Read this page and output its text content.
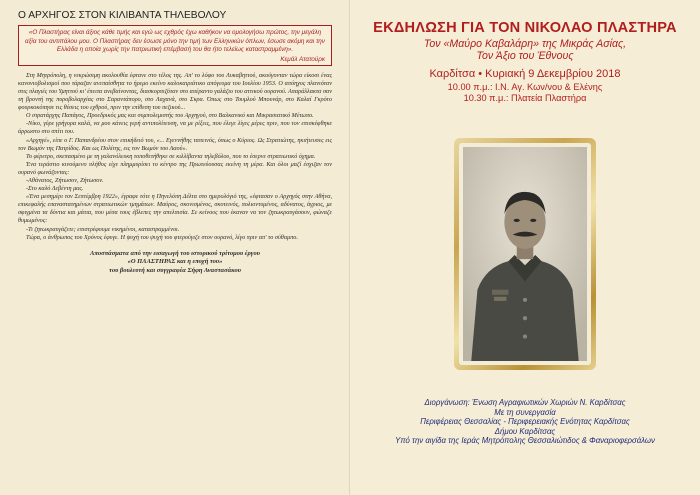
Ο ΑΡΧΗΓΟΣ ΣΤΟΝ ΚΙΛΙΒΑΝΤΑ ΤΗΛΕΒΟΛΟΥ
«Ο Πλαστήρας είναι άξιος κάθε τιμής και εγώ ως εχθρός έχω καθήκον να ομολογήσω πρώτος, την μεγάλη αξία του αντιπάλου μου. Ο Πλαστήρας δεν έσωσε μόνο την τιμή των Ελληνικών όπλων, έσωσε ακόμη και την Ελλάδα η οποία χωρίς την πατριωτική επέμβασή του θα ήτο τελείως καταστραμμένη».
Κεμάλ Ατατούρκ

Στη Μητρόπολη, η νεκρώσιμη ακολουθία έφτανε στο τέλος της. Απ' το λόφο του Λυκαβηττού, ακούγονταν τώρα είκοσι ένας κανονιοβολισμοί που τάραζαν ανεπαίσθητα το ήρεμο εκείνο καλοκαιριάτικο απόγευμα του Ιουλίου 1953. Ο απόηχος πλανιόταν στις πλαγιές του Υμηττού κι' έπειτα ανεβαίνοντας, διασκορπιζόταν στο απέραντο γαλάζιο του αττικού ουρανού. Απαράλλακτα σαν τη βροντή της πυροβολαρχίας στο Σαραντάπορο, στο Λαχανά, στο Σκρα. Όπως στο Τουμλού Μπουνάρ, στο Καλαί Γκρότο φουρκοκόπησε τις θέσεις του εχθρού, πριν την επίθεση του πεζικού...

Ο στρατάρχης Παπάγος, Προεδρικός μας και συμπολεμιστής του Αρχηγού, στο Βαλκανικό και Μικρασιατικό Μέτωπο.

-Νίκο, γύρε γρήγορα καλά, να μου κάνεις γερή αντιπολίτευση, να με ρίξεις, που έλεγε λίγες μέρες πριν, που τον επισκέφθηκε άρρωστο στο σπίτι του.

«Αρχηγέ», είπε ο Γ. Παπανδρέου στον επικήδειό του, «... Εγεννήθης ταπεινός, όπως ο Κύριος. Ως Στρατιώτης, ηκιήτευσες εις τον Βωμόν της Πατρίδος. Και ως Πολίτης, εις τον Βωμόν του Λαού».

Το φέρετρο, σκεπασμένο με τη γαλανόλευκη τοποθετήθηκε σε κιλλίβαντα τηλεβόλου, που το έσερνε στρατιωτικό όχημα.

Ένα τεράστιο κινούμενο πλήθος είχε πλημμυρίσει το κέντρο της Πρωτεύουσας εκείνη τη μέρα. Και όλοι μαζί έσχιζαν τον ουρανό φωνάζοντας:

-Αθάνατος, Ζήτωσον, Ζήτωσον.

-Στο καλό Λεβέντη μας.

«Ένα μεσημέρι τον Σεπτέμβρη 1922», έγραφε τότε η Πηνελόπη Δέλτα στο ημερολόγιό της, «έφτασαν ο Αρχηγός στην Αθήνα, επικεφαλής επαναστατημένων στρατιωτικών τμημάτων. Μαύρος, σκονισμένος, σκοτεινός, πολιοντυμένος, αδύνατος, άγριος, με σφιγμένα τα δόντια και μάτια, που μέσα τους έβλεπες την απελπισία. Σε κείνους που έκαναν να τον ζητωκραυγάσουν, φώναζε θυμωμένος:

-Τι ζητωκραυγάζετε; επιστρέφουμε νικημένοι, καταστραμμένοι.

Τώρα, ο άνθρωπος του Χρόνος έφυγε. Η ψυχή του ψυχή του φτερούγιζε στον ουρανό, λίγο πριν απ' το σύθαμπο.

Αποσπάσματα από την εισαγωγή του ιστορικού τρίτομου έργου
«Ο ΠΛΑΣΤΗΡΑΣ και η εποχή του»
του βουλευτή και συγγραφέα Σήφη Αναστασάκου
ΕΚΔΗΛΩΣΗ ΓΙΑ ΤΟΝ ΝΙΚΟΛΑΟ ΠΛΑΣΤΗΡΑ
Τον «Μαύρο Καβαλάρη» της Μικράς Ασίας,
Τον Άξιο του Έθνους
Καρδίτσα • Κυριακή 9 Δεκεμβρίου 2018
10.00 π.μ.: Ι.Ν. Αγ. Κων/νου & Ελένης
10.30 π.μ.: Πλατεία Πλαστήρα
Διοργάνωση: Ένωση Αγραφιωτικών Χωριών Ν. Καρδίτσας
Με τη συνεργασία
Περιφέρειας Θεσσαλίας - Περιφερειακής Ενότητας Καρδίτσας
Δήμου Καρδίτσας
Υπό την αιγίδα της Ιεράς Μητρόπολης Θεσσαλιώτιδος & Φαναριοφερσάλων
